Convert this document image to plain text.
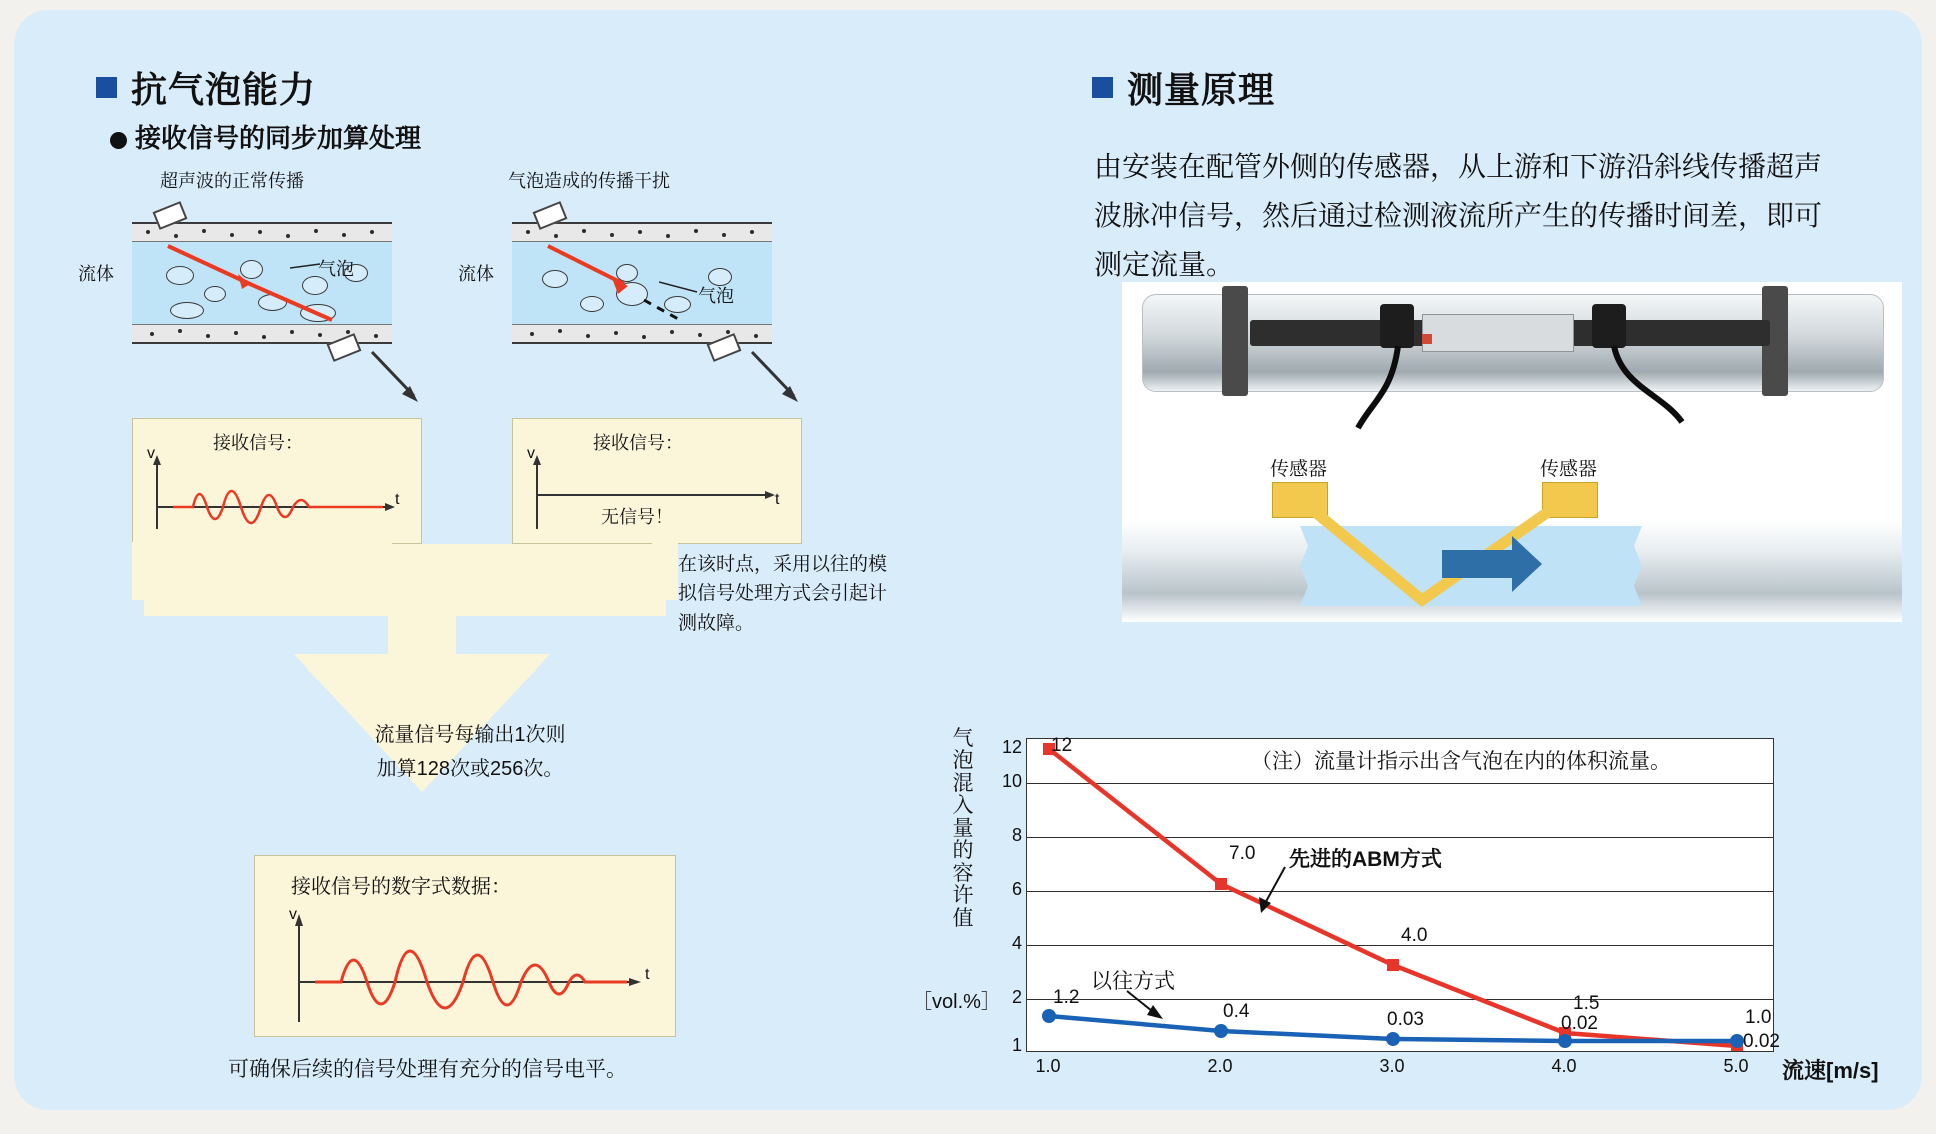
抗气泡能力
接收信号的同步加算处理
超声波的正常传播	气泡造成的传播干扰
流体	气泡	流体
气泡
接收信号：
v
t
接收信号：
v
t
无信号！
在该时点，采用以往的模拟信号处理方式会引起计测故障。
流量信号每输出1次则
加算128次或256次。
接收信号的数字式数据：
v
t
可确保后续的信号处理有充分的信号电平。
测量原理
由安装在配管外侧的传感器，从上游和下游沿斜线传播超声波脉冲信号，然后通过检测液流所产生的传播时间差，即可测定流量。
传感器	传感器
气泡混入量的容许值
［vol.%］
（注）流量计指示出含气泡在内的体积流量。
12
7.0
4.0
1.5
1.0
1.2
0.4	0.03	0.02
0.02
先进的ABM方式
以往方式
12
10
8
6
4
2
1
1.0	2.0	3.0	4.0	5.0	流速[m/s]
